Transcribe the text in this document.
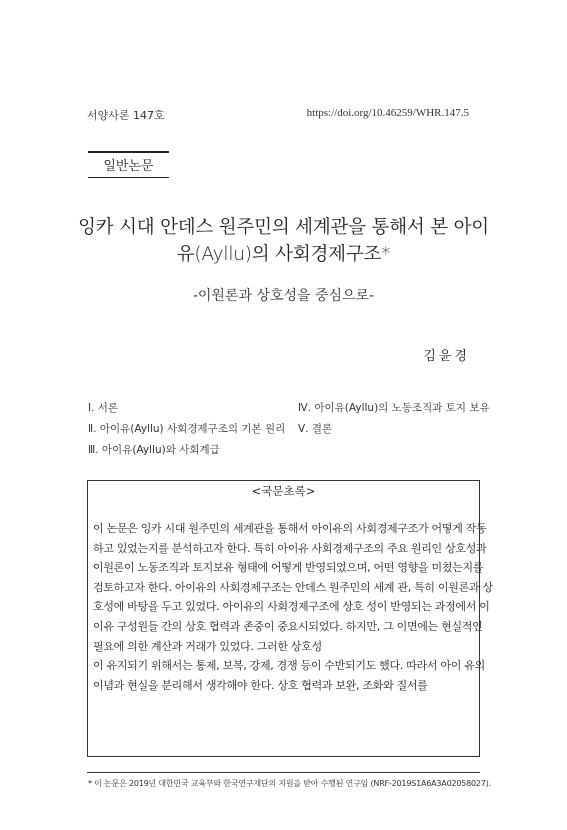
서양사론 147호	https://doi.org/10.46259/WHR.147.5
일반논문
잉카 시대 안데스 원주민의 세계관을 통해서 본 아이
유(Ayllu)의 사회경제구조*
-이원론과 상호성을 중심으로-
김윤경
Ⅰ. 서론
Ⅱ. 아이유(Ayllu) 사회경제구조의 기본 원리
Ⅲ. 아이유(Ayllu)와 사회계급
Ⅳ. 아이유(Ayllu)의 노동조직과 토지 보유
Ⅴ. 결론
<국문초록>
이 논문은 잉카 시대 원주민의 세계관을 통해서 아이유의 사회경제구조가 어떻게 작동
하고 있었는지를 분석하고자 한다. 특히 아이유 사회경제구조의 주요 원리인 상호성과
이원론이 노동조직과 토지보유 형태에 어떻게 반영되었으며, 어떤 영향을 미쳤는지를
검토하고자 한다. 아이유의 사회경제구조는 안데스 원주민의 세계 관, 특히 이원론과 상
호성에 바탕을 두고 있었다. 아이유의 사회경제구조에 상호 성이 반영되는 과정에서 이
이유 구성원들 간의 상호 협력과 존중이 중요시되었다. 하지만, 그 이면에는 현실적인
필요에 의한 계산과 거래가 있었다. 그러한 상호성
이 유지되기 위해서는 통제, 보복, 강제, 경쟁 등이 수반되기도 했다. 따라서 아이 유의
이념과 현실을 분리해서 생각해야 한다. 상호 협력과 보완, 조화와 질서를
* 이 논문은 2019년 대한민국 교육부와 한국연구재단의 지원을 받아 수행된 연구임 (NRF-2019S1A6A3A02058027).
